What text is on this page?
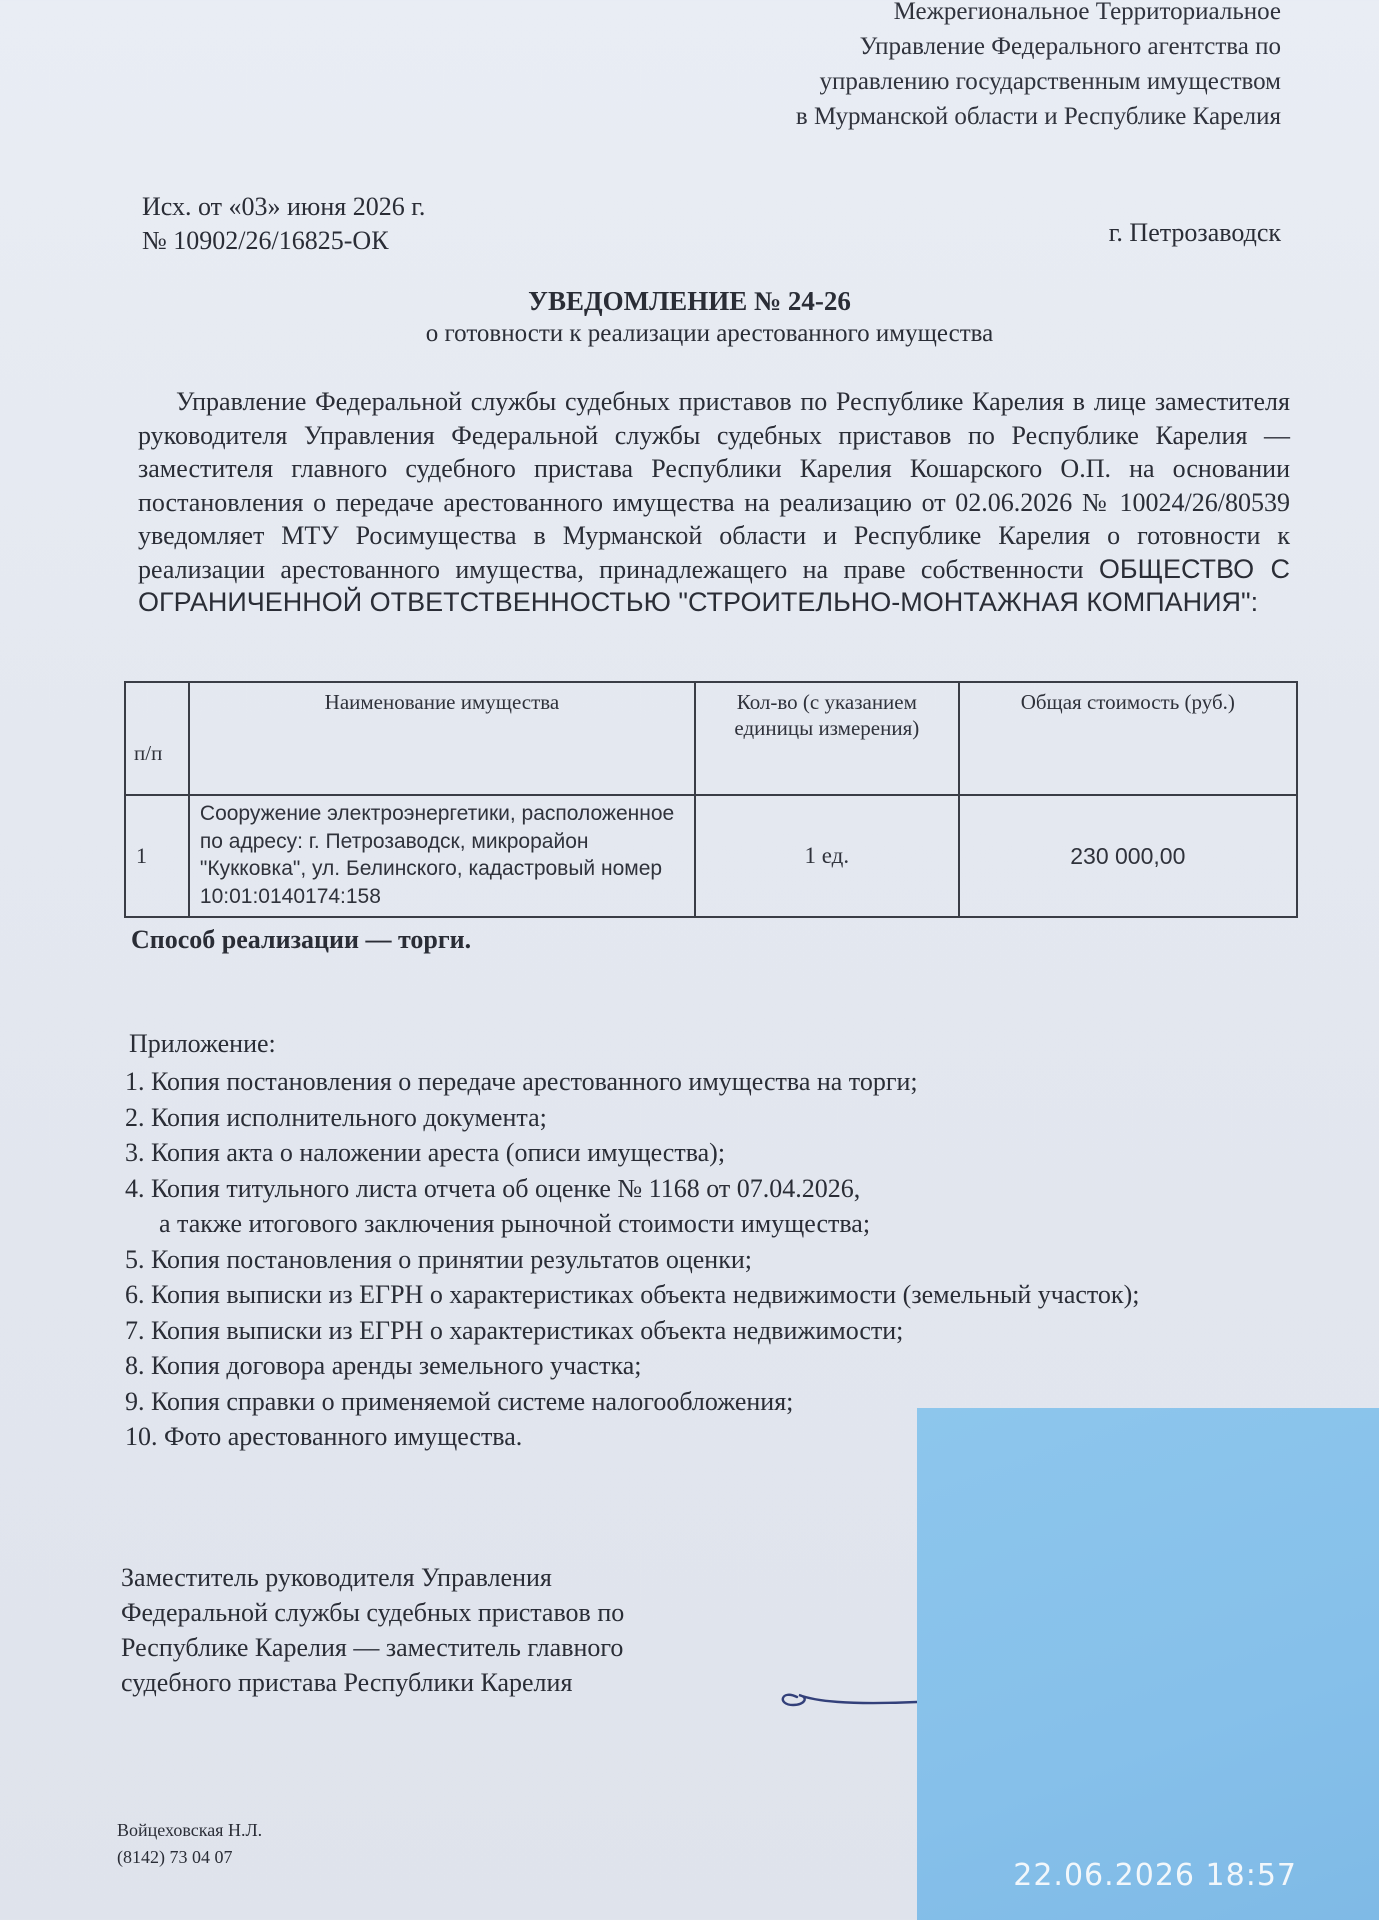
Межрегиональное Территориальное
Управление Федерального агентства по
управлению государственным имуществом
в Мурманской области и Республике Карелия
Исх. от «03» июня 2026 г.
№ 10902/26/16825-ОК	г. Петрозаводск
УВЕДОМЛЕНИЕ № 24-26
о готовности к реализации арестованного имущества
Управление Федеральной службы судебных приставов по Республике Карелия в лице заместителя руководителя Управления Федеральной службы судебных приставов по Республике Карелия — заместителя главного судебного пристава Республики Карелия Кошарского О.П. на основании постановления о передаче арестованного имущества на реализацию от 02.06.2026 № 10024/26/80539 уведомляет МТУ Росимущества в Мурманской области и Республике Карелия о готовности к реализации арестованного имущества, принадлежащего на праве собственности ОБЩЕСТВО С ОГРАНИЧЕННОЙ ОТВЕТСТВЕННОСТЬЮ "СТРОИТЕЛЬНО-МОНТАЖНАЯ КОМПАНИЯ":
п/п	Наименование имущества	Кол-во (с указанием единицы измерения)	Общая стоимость (руб.)
1	Сооружение электроэнергетики, расположенное по адресу: г. Петрозаводск, микрорайон "Кукковка", ул. Белинского, кадастровый номер 10:01:0140174:158	1 ед.	230 000,00
Способ реализации — торги.
Приложение:
1. Копия постановления о передаче арестованного имущества на торги;
2. Копия исполнительного документа;
3. Копия акта о наложении ареста (описи имущества);
4. Копия титульного листа отчета об оценке № 1168 от 07.04.2026,
а также итогового заключения рыночной стоимости имущества;
5. Копия постановления о принятии результатов оценки;
6. Копия выписки из ЕГРН о характеристиках объекта недвижимости (земельный участок);
7. Копия выписки из ЕГРН о характеристиках объекта недвижимости;
8. Копия договора аренды земельного участка;
9. Копия справки о применяемой системе налогообложения;
10. Фото арестованного имущества.
Заместитель руководителя Управления
Федеральной службы судебных приставов по
Республике Карелия — заместитель главного
судебного пристава Республики Карелия
Войцеховская Н.Л.
(8142) 73 04 07
22.06.2026 18:57
